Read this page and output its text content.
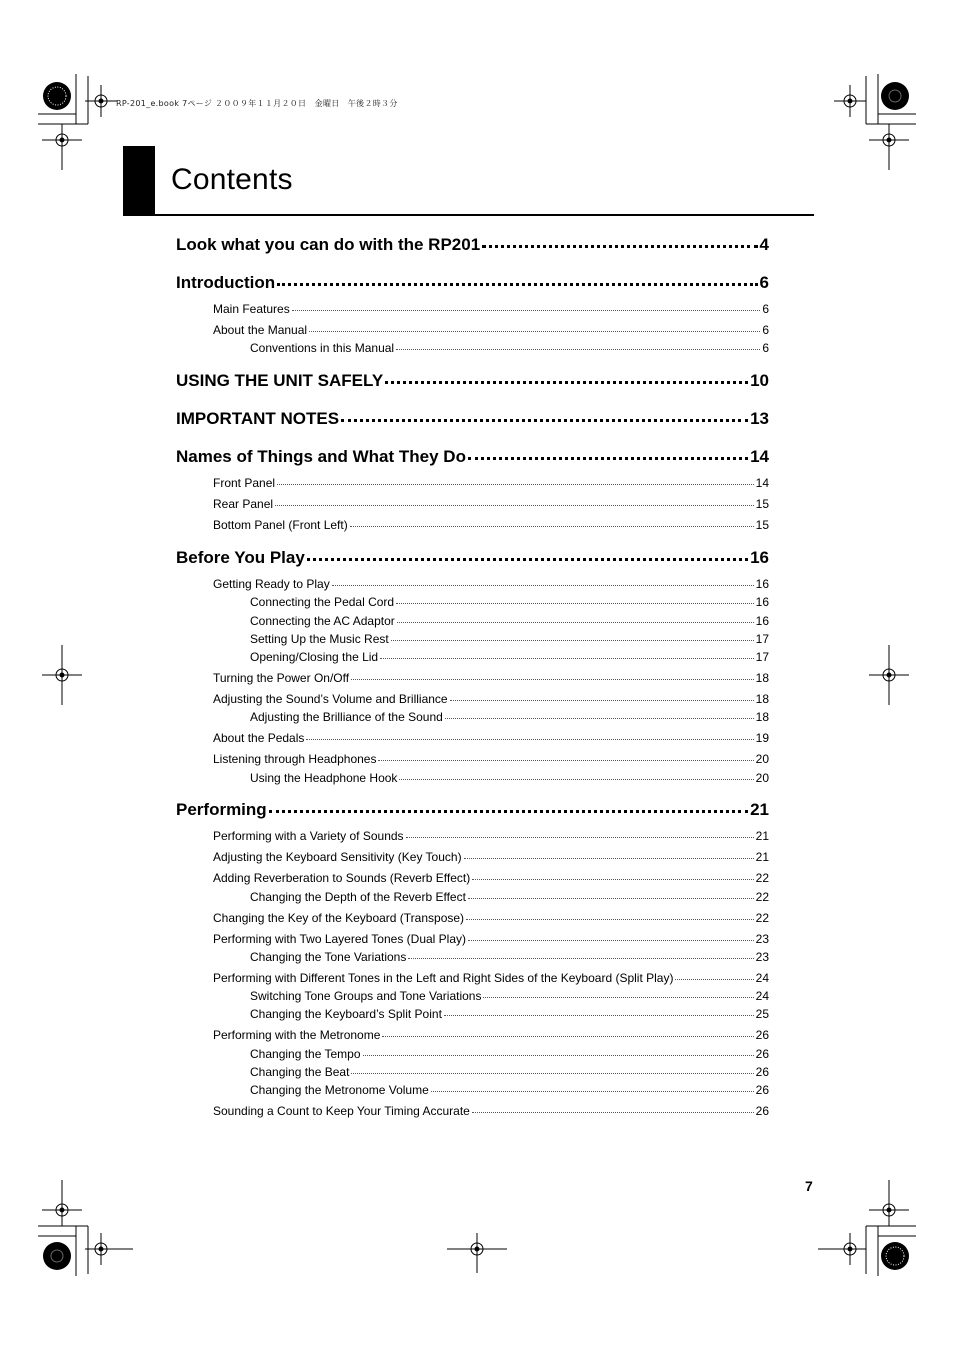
RP-201_e.book 7ページ ２００９年１１月２０日　金曜日　午後２時３分
Contents
Look what you can do with the RP201	4
Introduction	6
Main Features	6
About the Manual	6
Conventions in this Manual	6
USING THE UNIT SAFELY	10
IMPORTANT NOTES	13
Names of Things and What They Do	14
Front Panel	14
Rear Panel	15
Bottom Panel (Front Left)	15
Before You Play	16
Getting Ready to Play	16
Connecting the Pedal Cord	16
Connecting the AC Adaptor	16
Setting Up the Music Rest	17
Opening/Closing the Lid	17
Turning the Power On/Off	18
Adjusting the Sound’s Volume and Brilliance	18
Adjusting the Brilliance of the Sound	18
About the Pedals	19
Listening through Headphones	20
Using the Headphone Hook	20
Performing	21
Performing with a Variety of Sounds	21
Adjusting the Keyboard Sensitivity (Key Touch)	21
Adding Reverberation to Sounds (Reverb Effect)	22
Changing the Depth of the Reverb Effect	22
Changing the Key of the Keyboard (Transpose)	22
Performing with Two Layered Tones (Dual Play)	23
Changing the Tone Variations	23
Performing with Different Tones in the Left and Right Sides of the Keyboard (Split Play)	24
Switching Tone Groups and Tone Variations	24
Changing the Keyboard’s Split Point	25
Performing with the Metronome	26
Changing the Tempo	26
Changing the Beat	26
Changing the Metronome Volume	26
Sounding a Count to Keep Your Timing Accurate	26
7
